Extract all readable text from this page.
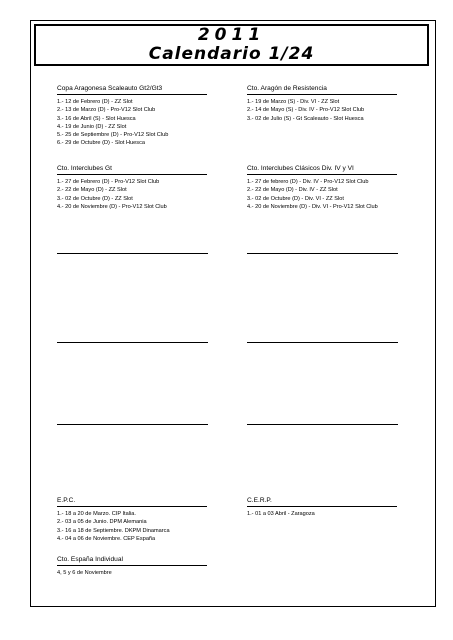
2011
Calendario 1/24
Copa Aragonesa Scaleauto Gt2/Gt3
1.- 12 de Febrero (D) - ZZ Slot
2.- 13 de Marzo (D) - Pro-V12 Slot Club
3.- 16 de Abril (S) - Slot Huesca
4.- 19 de Junio (D) - ZZ Slot
5.- 25 de Septiembre (D) - Pro-V12 Slot Club
6.- 29 de Octubre (D) - Slot Huesca
Cto. Aragón de Resistencia
1.- 19 de Marzo (S) - Div. VI - ZZ Slot
2.- 14 de Mayo (S) - Div. IV - Pro-V12 Slot Club
3.- 02 de Julio (S) - Gt Scaleauto - Slot Huesca
Cto. Interclubes Gt
1.- 27 de Febrero (D) - Pro-V12 Slot Club
2.- 22 de Mayo (D) - ZZ Slot
3.- 02 de Octubre (D) - ZZ Slot
4.- 20 de Noviembre (D) - Pro-V12 Slot Club
Cto. Interclubes Clásicos Div. IV y VI
1.- 27 de febrero (D) - Div. IV - Pro-V12 Slot Club
2.- 22 de Mayo (D) - Div. IV - ZZ Slot
3.- 02 de Octubre (D) - Div. VI - ZZ Slot
4.- 20 de Noviembre (D) - Div. VI - Pro-V12 Slot Club
E.P.C.
1.- 18 a 20 de Marzo. CIP Italia.
2.- 03 a 05 de Junio. DPM Alemania
3.- 16 a 18 de Septiembre. DKPM Dinamarca
4.- 04 a 06 de Noviembre. CEP España
C.E.R.P.
1.- 01 a 03 Abril - Zaragoza
Cto. España Individual
4, 5 y 6 de Noviembre
